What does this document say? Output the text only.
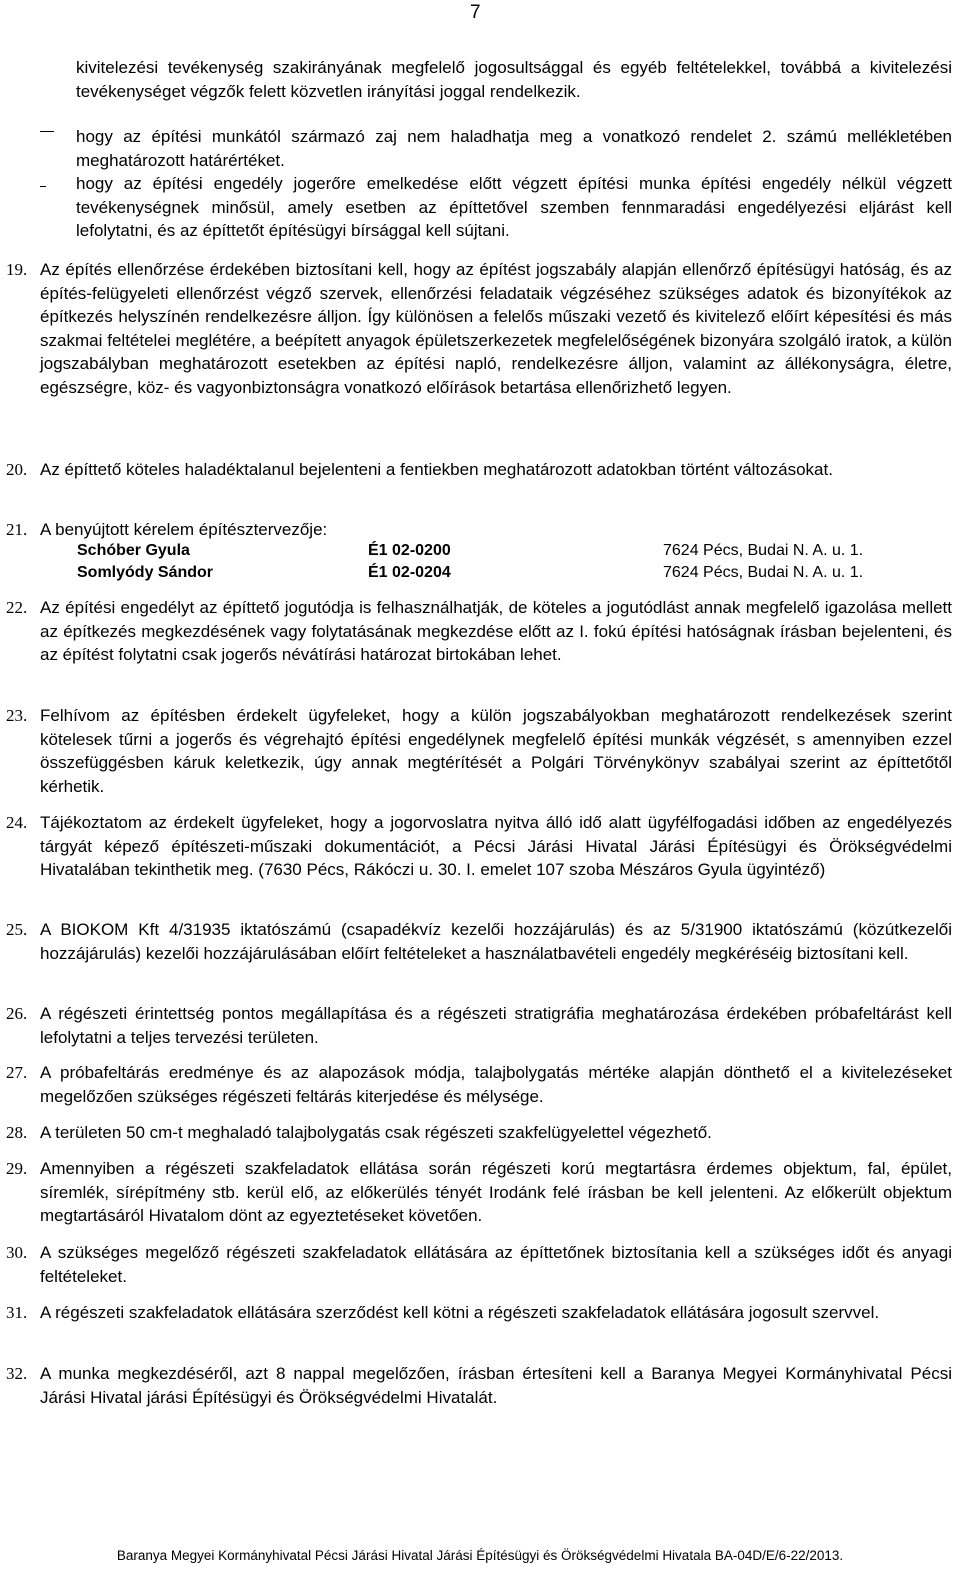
7
kivitelezési tevékenység szakirányának megfelelő jogosultsággal és egyéb feltételekkel, továbbá a kivitelezési tevékenységet végzők felett közvetlen irányítási joggal rendelkezik.
hogy az építési munkától származó zaj nem haladhatja meg a vonatkozó rendelet 2. számú mellékletében meghatározott határértéket.
hogy az építési engedély jogerőre emelkedése előtt végzett építési munka építési engedély nélkül végzett tevékenységnek minősül, amely esetben az építtetővel szemben fennmaradási engedélyezési eljárást kell lefolytatni, és az építtetőt építésügyi bírsággal kell sújtani.
19. Az építés ellenőrzése érdekében biztosítani kell, hogy az építést jogszabály alapján ellenőrző építésügyi hatóság, és az építés-felügyeleti ellenőrzést végző szervek, ellenőrzési feladataik végzéséhez szükséges adatok és bizonyítékok az építkezés helyszínén rendelkezésre álljon. Így különösen a felelős műszaki vezető és kivitelező előírt képesítési és más szakmai feltételei meglétére, a beépített anyagok épületszerkezetek megfelelőségének bizonyára szolgáló iratok, a külön jogszabályban meghatározott esetekben az építési napló, rendelkezésre álljon, valamint az állékonyságra, életre, egészségre, köz- és vagyonbiztonságra vonatkozó előírások betartása ellenőrizhető legyen.
20. Az építtető köteles haladéktalanul bejelenteni a fentiekben meghatározott adatokban történt változásokat.
21. A benyújtott kérelem építésztervezője:
Schóber Gyula	É1 02-0200	7624 Pécs, Budai N. A. u. 1.
Somlyódy Sándor	É1 02-0204	7624 Pécs, Budai N. A. u. 1.
22. Az építési engedélyt az építtető jogutódja is felhasználhatják, de köteles a jogutódlást annak megfelelő igazolása mellett az építkezés megkezdésének vagy folytatásának megkezdése előtt az I. fokú építési hatóságnak írásban bejelenteni, és az építést folytatni csak jogerős névátírási határozat birtokában lehet.
23. Felhívom az építésben érdekelt ügyfeleket, hogy a külön jogszabályokban meghatározott rendelkezések szerint kötelesek tűrni a jogerős és végrehajtó építési engedélynek megfelelő építési munkák végzését, s amennyiben ezzel összefüggésben káruk keletkezik, úgy annak megtérítését a Polgári Törvénykönyv szabályai szerint az építtetőtől kérhetik.
24. Tájékoztatom az érdekelt ügyfeleket, hogy a jogorvoslatra nyitva álló idő alatt ügyfélfogadási időben az engedélyezés tárgyát képező építészeti-műszaki dokumentációt, a Pécsi Járási Hivatal Járási Építésügyi és Örökségvédelmi Hivatalában tekinthetik meg. (7630 Pécs, Rákóczi u. 30. I. emelet 107 szoba Mészáros Gyula ügyintéző)
25. A BIOKOM Kft 4/31935 iktatószámú (csapadékvíz kezelői hozzájárulás) és az 5/31900 iktatószámú (közútkezelői hozzájárulás) kezelői hozzájárulásában előírt feltételeket a használatbavételi engedély megkéréséig biztosítani kell.
26. A régészeti érintettség pontos megállapítása és a régészeti stratigráfia meghatározása érdekében próbafeltárást kell lefolytatni a teljes tervezési területen.
27. A próbafeltárás eredménye és az alapozások módja, talajbolygatás mértéke alapján dönthető el a kivitelezéseket megelőzően szükséges régészeti feltárás kiterjedése és mélysége.
28. A területen 50 cm-t meghaladó talajbolygatás csak régészeti szakfelügyelettel végezhető.
29. Amennyiben a régészeti szakfeladatok ellátása során régészeti korú megtartásra érdemes objektum, fal, épület, síremlék, sírépítmény stb. kerül elő, az előkerülés tényét Irodánk felé írásban be kell jelenteni. Az előkerült objektum megtartásáról Hivatalom dönt az egyeztetéseket követően.
30. A szükséges megelőző régészeti szakfeladatok ellátására az építtetőnek biztosítania kell a szükséges időt és anyagi feltételeket.
31. A régészeti szakfeladatok ellátására szerződést kell kötni a régészeti szakfeladatok ellátására jogosult szervvel.
32. A munka megkezdéséről, azt 8 nappal megelőzően, írásban értesíteni kell a Baranya Megyei Kormányhivatal Pécsi Járási Hivatal járási Építésügyi és Örökségvédelmi Hivatalát.
Baranya Megyei Kormányhivatal Pécsi Járási Hivatal Járási Építésügyi és Örökségvédelmi Hivatala BA-04D/E/6-22/2013.
